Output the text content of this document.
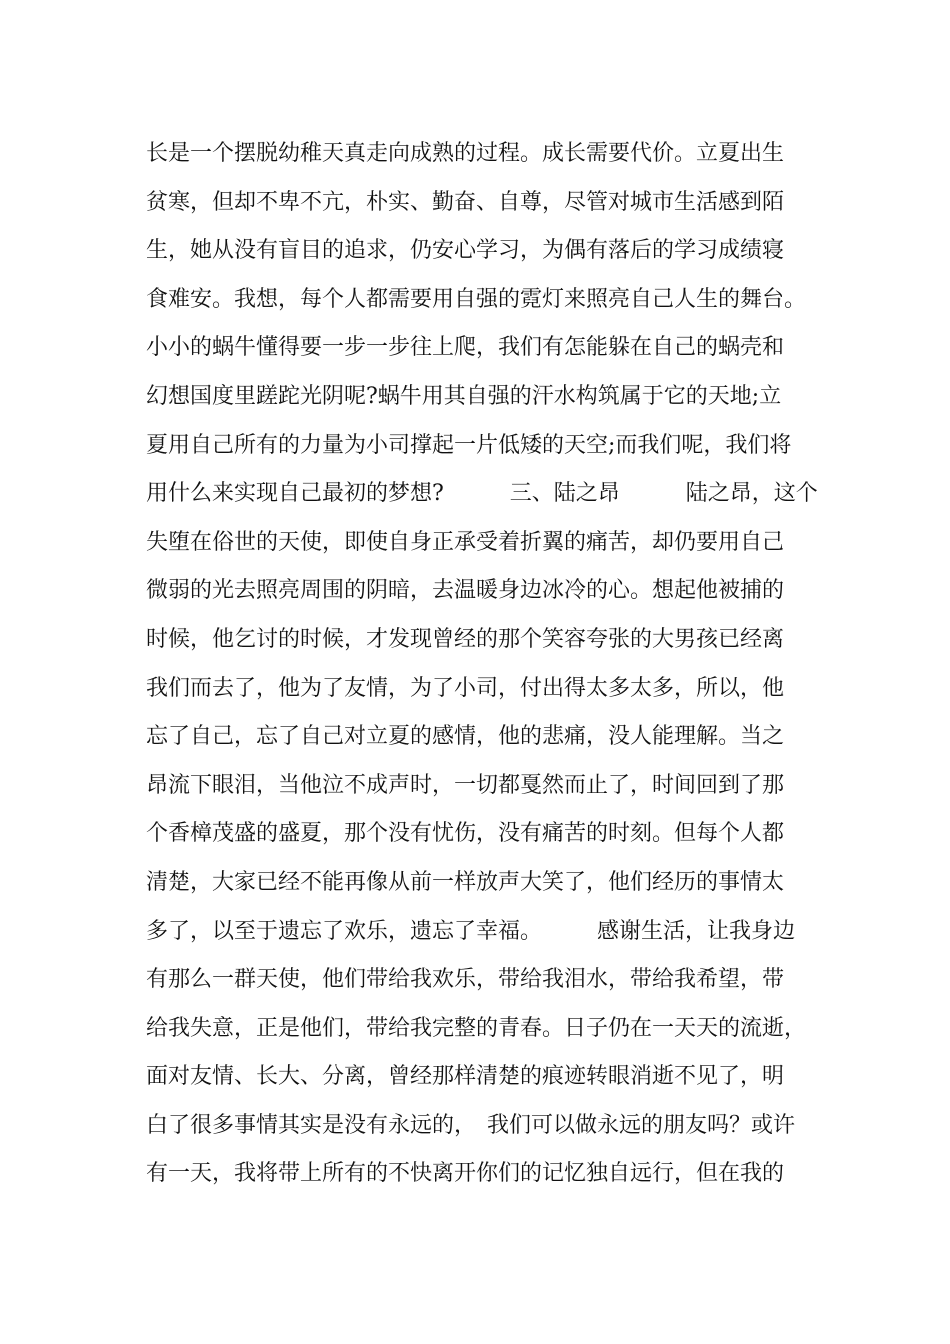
长是一个摆脱幼稚天真走向成熟的过程。成长需要代价。立夏出生
贫寒，但却不卑不亢，朴实、勤奋、自尊，尽管对城市生活感到陌
生，她从没有盲目的追求，仍安心学习，为偶有落后的学习成绩寝
食难安。我想，每个人都需要用自强的霓灯来照亮自己人生的舞台。
小小的蜗牛懂得要一步一步往上爬，我们有怎能躲在自己的蜗壳和
幻想国度里蹉跎光阴呢?蜗牛用其自强的汗水构筑属于它的天地;立
夏用自己所有的力量为小司撑起一片低矮的天空;而我们呢，我们将
用什么来实现自己最初的梦想?　　　三、陆之昂　　　陆之昂，这个
失堕在俗世的天使，即使自身正承受着折翼的痛苦，却仍要用自己
微弱的光去照亮周围的阴暗，去温暖身边冰冷的心。想起他被捕的
时候，他乞讨的时候，才发现曾经的那个笑容夸张的大男孩已经离
我们而去了，他为了友情，为了小司，付出得太多太多，所以，他
忘了自己，忘了自己对立夏的感情，他的悲痛，没人能理解。当之
昂流下眼泪，当他泣不成声时，一切都戛然而止了，时间回到了那
个香樟茂盛的盛夏，那个没有忧伤，没有痛苦的时刻。但每个人都
清楚，大家已经不能再像从前一样放声大笑了，他们经历的事情太
多了，以至于遗忘了欢乐，遗忘了幸福。　　　感谢生活，让我身边
有那么一群天使，他们带给我欢乐，带给我泪水，带给我希望，带
给我失意，正是他们，带给我完整的青春。日子仍在一天天的流逝，
面对友情、长大、分离，曾经那样清楚的痕迹转眼消逝不见了，明
白了很多事情其实是没有永远的，　我们可以做永远的朋友吗？或许
有一天，我将带上所有的不快离开你们的记忆独自远行，但在我的
